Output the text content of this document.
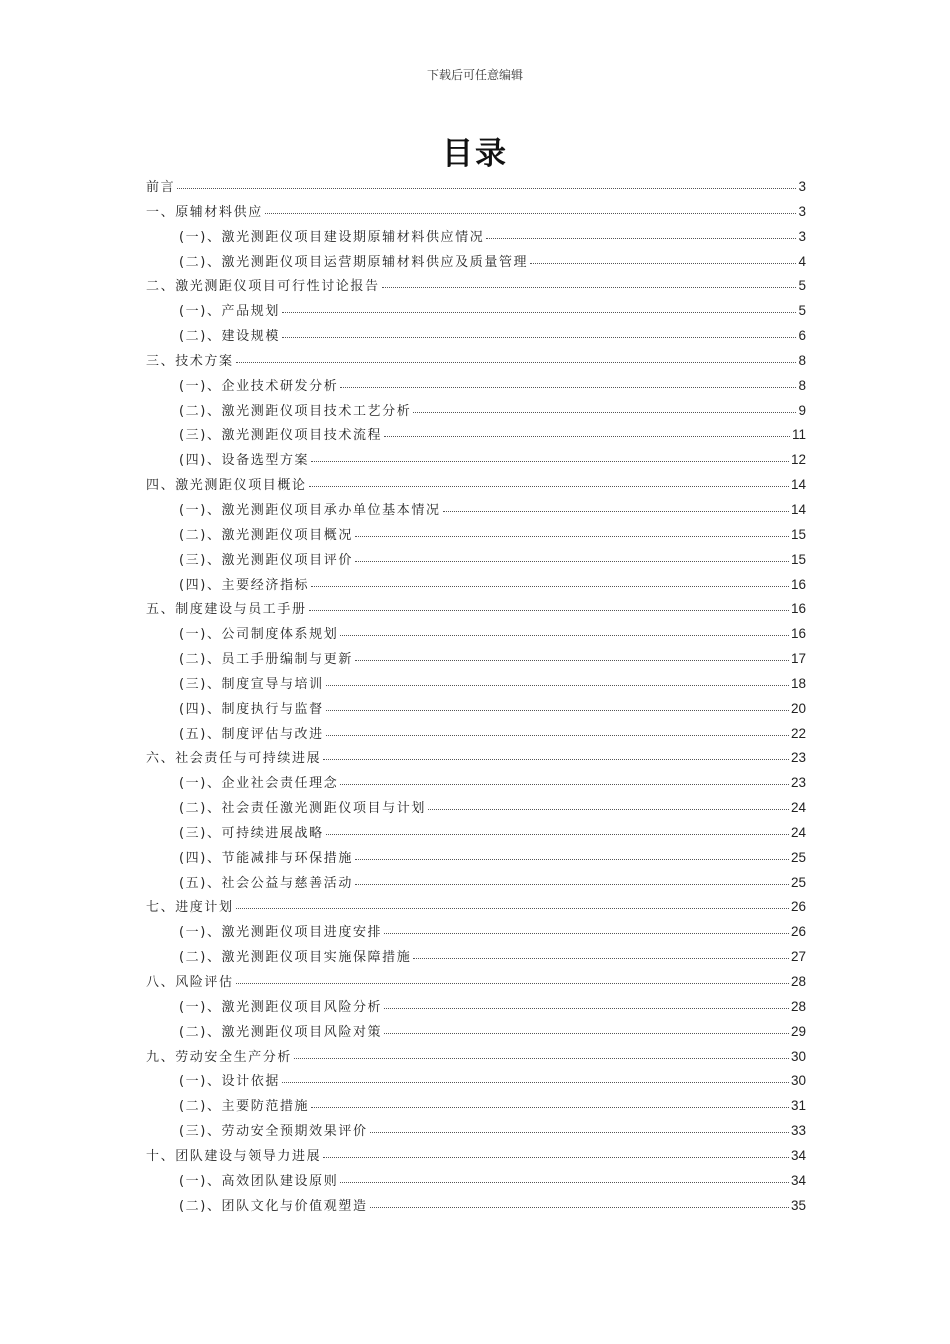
下载后可任意编辑
目录
前言	3
一、原辅材料供应	3
(一)、激光测距仪项目建设期原辅材料供应情况	3
(二)、激光测距仪项目运营期原辅材料供应及质量管理	4
二、激光测距仪项目可行性讨论报告	5
(一)、产品规划	5
(二)、建设规模	6
三、技术方案	8
(一)、企业技术研发分析	8
(二)、激光测距仪项目技术工艺分析	9
(三)、激光测距仪项目技术流程	11
(四)、设备选型方案	12
四、激光测距仪项目概论	14
(一)、激光测距仪项目承办单位基本情况	14
(二)、激光测距仪项目概况	15
(三)、激光测距仪项目评价	15
(四)、主要经济指标	16
五、制度建设与员工手册	16
(一)、公司制度体系规划	16
(二)、员工手册编制与更新	17
(三)、制度宣导与培训	18
(四)、制度执行与监督	20
(五)、制度评估与改进	22
六、社会责任与可持续进展	23
(一)、企业社会责任理念	23
(二)、社会责任激光测距仪项目与计划	24
(三)、可持续进展战略	24
(四)、节能减排与环保措施	25
(五)、社会公益与慈善活动	25
七、进度计划	26
(一)、激光测距仪项目进度安排	26
(二)、激光测距仪项目实施保障措施	27
八、风险评估	28
(一)、激光测距仪项目风险分析	28
(二)、激光测距仪项目风险对策	29
九、劳动安全生产分析	30
(一)、设计依据	30
(二)、主要防范措施	31
(三)、劳动安全预期效果评价	33
十、团队建设与领导力进展	34
(一)、高效团队建设原则	34
(二)、团队文化与价值观塑造	35
